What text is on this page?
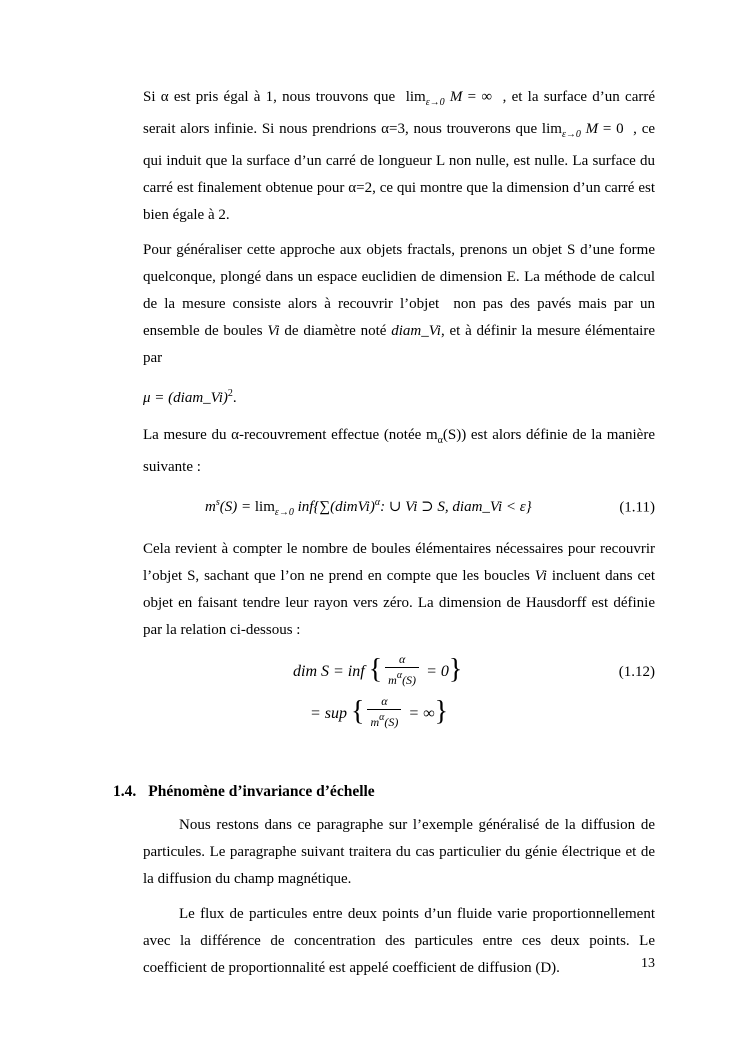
Si α est pris égal à 1, nous trouvons que  $\lim_{\varepsilon\to 0} M$ = ∞  , et la surface d’un carré serait alors infinie. Si nous prendrions α=3, nous trouverons que $\lim_{\varepsilon\to 0} M = 0$  , ce qui induit que la surface d’un carré de longueur L non nulle, est nulle. La surface du carré est finalement obtenue pour α=2, ce qui montre que la dimension d’un carré est bien égale à 2.

Pour généraliser cette approche aux objets fractals, prenons un objet S d’une forme quelconque, plongé dans un espace euclidien de dimension E. La méthode de calcul de la mesure consiste alors à recouvrir l’objet  non pas des pavés mais par un ensemble de boules Vi de diamètre noté diam_Vi, et à définir la mesure élémentaire par

μ = (diam_Vi)$^2$.

La mesure du α-recouvrement effectue (notée $m_\alpha(S)$) est alors définie de la manière suivante :

$m^s(S) = \lim_{\varepsilon\to 0}$ inf{∑(dimVi)$^\alpha$: ∪ Vi ⊃ S, diam_Vi < ε}	(1.11)

Cela revient à compter le nombre de boules élémentaires nécessaires pour recouvrir l’objet S, sachant que l’on ne prend en compte que les boucles Vi incluent dans cet objet en faisant tendre leur rayon vers zéro. La dimension de Hausdorff est définie par la relation ci-dessous :

dim S = inf { $\frac{\alpha}{m^\alpha(S)} = 0$}	(1.12)
= sup { $\frac{\alpha}{m^\alpha(S)}$ = ∞}
1.4. Phénomène d’invariance d’échelle

Nous restons dans ce paragraphe sur l’exemple généralisé de la diffusion de particules. Le paragraphe suivant traitera du cas particulier du génie électrique et de la diffusion du champ magnétique.

Le flux de particules entre deux points d’un fluide varie proportionnellement avec la différence de concentration des particules entre ces deux points. Le coefficient de proportionnalité est appelé coefficient de diffusion (D).	13
